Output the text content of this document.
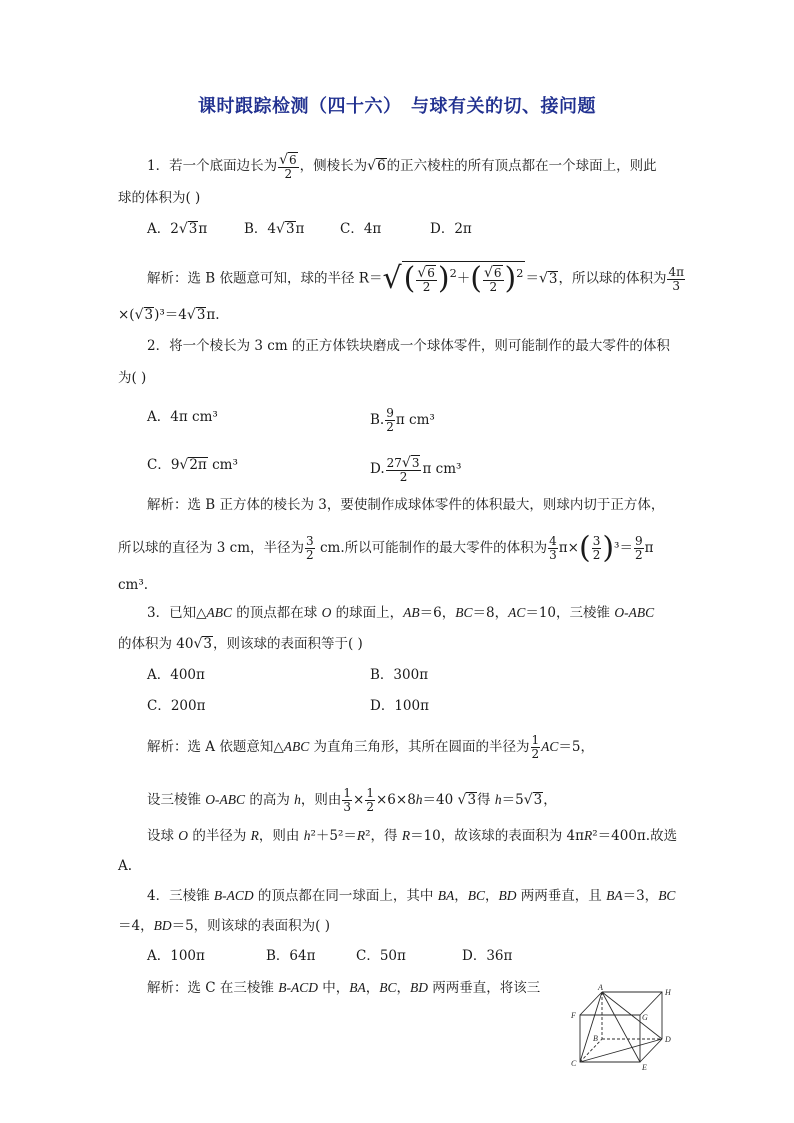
课时跟踪检测（四十六）　与球有关的切、接问题
1．若一个底面边长为 $\frac{√6}{2}$ ，侧棱长为√6的正六棱柱的所有顶点都在一个球面上，则此
球的体积为( )
A．2√3π	B．4√3π	C．4π	D．2π
解析：选 B 依题意可知，球的半径 $R=√( \frac{√6}{2} )^2+( \frac{√6}{2} )^2 =√3$，所以球的体积为 $\frac{4\pi}{3}$
×(√3)³＝4√3π.
2．将一个棱长为 3 cm 的正方体铁块磨成一个球体零件，则可能制作的最大零件的体积
为( )
A．4π cm³	B. $\frac{9}{2}$ π cm³
C．9√2π cm³	D. $\frac{27√3}{2}$ π cm³
解析：选 B 正方体的棱长为 3，要使制作成球体零件的体积最大，则球内切于正方体，
所以球的直径为 3 cm，半径为 $\frac{3}{2}$ cm.所以可能制作的最大零件的体积为 $\frac{4}{3} \pi\times( \frac{3}{2} )^3= \frac{9}{2}$ π
cm³.
3．已知△ABC 的顶点都在球 O 的球面上，AB＝6，BC＝8，AC＝10，三棱锥 O-ABC
的体积为 40√3，则该球的表面积等于( )
A．400π	B．300π
C．200π	D．100π
解析：选 A 依题意知△ABC 为直角三角形，其所在圆面的半径为 $\frac{1}{2} AC=5$，
设三棱锥 O-ABC 的高为 h，则由 $\frac{1}{3} \times \frac{1}{2} \times 6\times 8h=40$ √3得 h＝5√3，
设球 O 的半径为 R，则由 h²＋5²＝R²，得 R＝10，故该球的表面积为 4πR²＝400π.故选
A.
4．三棱锥 B-ACD 的顶点都在同一球面上，其中 BA，BC，BD 两两垂直，且 BA＝3，BC
＝4，BD＝5，则该球的表面积为( )
A．100π	B．64π	C．50π	D．36π
解析：选 C 在三棱锥 B-ACD 中，BA，BC，BD 两两垂直，将该三	A
H
F	G
B	D
C	E
